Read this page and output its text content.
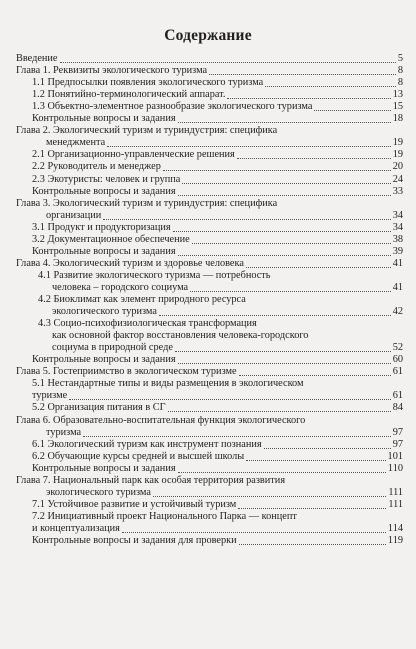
Содержание
Введение	5
Глава 1. Реквизиты экологического туризма	8
1.1 Предпосылки появления экологического туризма	8
1.2 Понятийно-терминологический аппарат.	13
1.3 Объектно-элементное разнообразие экологического туризма	15
Контрольные вопросы и задания	18
Глава 2. Экологический туризм и туриндустрия: специфика
менеджмента	19
2.1 Организационно-управленческие решения	19
2.2 Руководитель и менеджер	20
2.3 Экотуристы: человек и группа	24
Контрольные вопросы и задания	33
Глава 3. Экологический туризм и туриндустрия: специфика
организации	34
3.1 Продукт и продукторизация	34
3.2 Документационное обеспечение	38
Контрольные вопросы и задания	39
Глава 4. Экологический туризм и здоровье человека	41
4.1 Развитие экологического туризма — потребность
человека – городского социума	41
4.2 Биоклимат как элемент природного ресурса
экологического туризма	42
4.3 Социо-психофизиологическая трансформация
как основной фактор восстановления человека-городского
социума в природной среде	52
Контрольные вопросы и задания	60
Глава 5. Гостеприимство в экологическом туризме	61
5.1 Нестандартные типы и виды размещения в экологическом
туризме	61
5.2 Организация питания в СГ	84
Глава 6. Образовательно-воспитательная функция экологического
туризма	97
6.1 Экологический туризм как инструмент познания	97
6.2 Обучающие курсы средней и высшей школы	101
Контрольные вопросы и задания	110
Глава 7. Национальный парк как особая территория развития
экологического туризма	111
7.1 Устойчивое развитие и устойчивый туризм	111
7.2 Инициативный проект Национального Парка — концепт
и концептуализация	114
Контрольные вопросы и задания для проверки	119
